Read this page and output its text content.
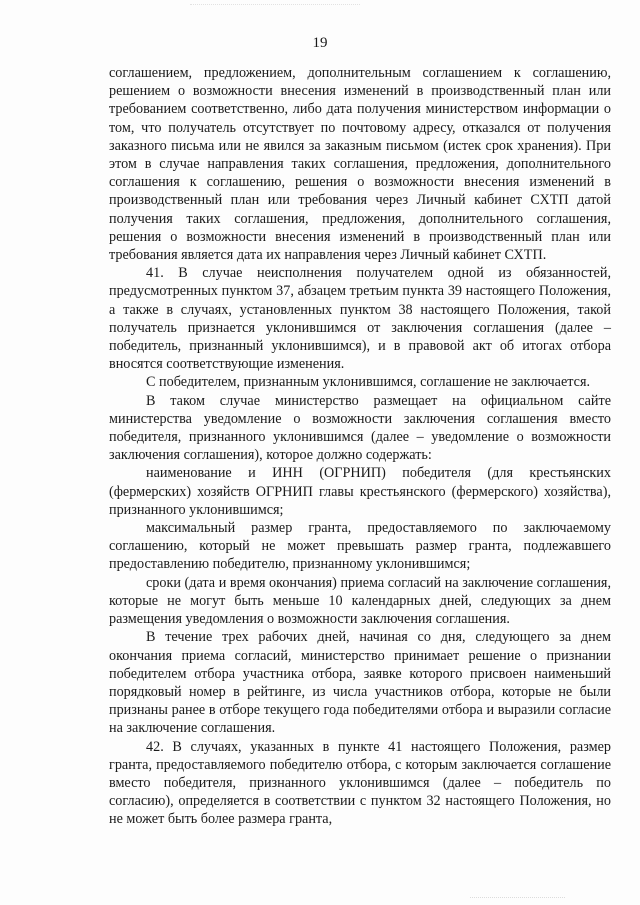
19

соглашением, предложением, дополнительным соглашением к соглашению, решением о возможности внесения изменений в производственный план или требованием соответственно, либо дата получения министерством информации о том, что получатель отсутствует по почтовому адресу, отказался от получения заказного письма или не явился за заказным письмом (истек срок хранения). При этом в случае направления таких соглашения, предложения, дополнительного соглашения к соглашению, решения о возможности внесения изменений в производственный план или требования через Личный кабинет СХТП датой получения таких соглашения, предложения, дополнительного соглашения, решения о возможности внесения изменений в производственный план или требования является дата их направления через Личный кабинет СХТП.

41. В случае неисполнения получателем одной из обязанностей, предусмотренных пунктом 37, абзацем третьим пункта 39 настоящего Положения, а также в случаях, установленных пунктом 38 настоящего Положения, такой получатель признается уклонившимся от заключения соглашения (далее – победитель, признанный уклонившимся), и в правовой акт об итогах отбора вносятся соответствующие изменения.

С победителем, признанным уклонившимся, соглашение не заключается.

В таком случае министерство размещает на официальном сайте министерства уведомление о возможности заключения соглашения вместо победителя, признанного уклонившимся (далее – уведомление о возможности заключения соглашения), которое должно содержать:

наименование и ИНН (ОГРНИП) победителя (для крестьянских (фермерских) хозяйств ОГРНИП главы крестьянского (фермерского) хозяйства), признанного уклонившимся;

максимальный размер гранта, предоставляемого по заключаемому соглашению, который не может превышать размер гранта, подлежавшего предоставлению победителю, признанному уклонившимся;

сроки (дата и время окончания) приема согласий на заключение соглашения, которые не могут быть меньше 10 календарных дней, следующих за днем размещения уведомления о возможности заключения соглашения.

В течение трех рабочих дней, начиная со дня, следующего за днем окончания приема согласий, министерство принимает решение о признании победителем отбора участника отбора, заявке которого присвоен наименьший порядковый номер в рейтинге, из числа участников отбора, которые не были признаны ранее в отборе текущего года победителями отбора и выразили согласие на заключение соглашения.

42. В случаях, указанных в пункте 41 настоящего Положения, размер гранта, предоставляемого победителю отбора, с которым заключается соглашение вместо победителя, признанного уклонившимся (далее – победитель по согласию), определяется в соответствии с пунктом 32 настоящего Положения, но не может быть более размера гранта,
